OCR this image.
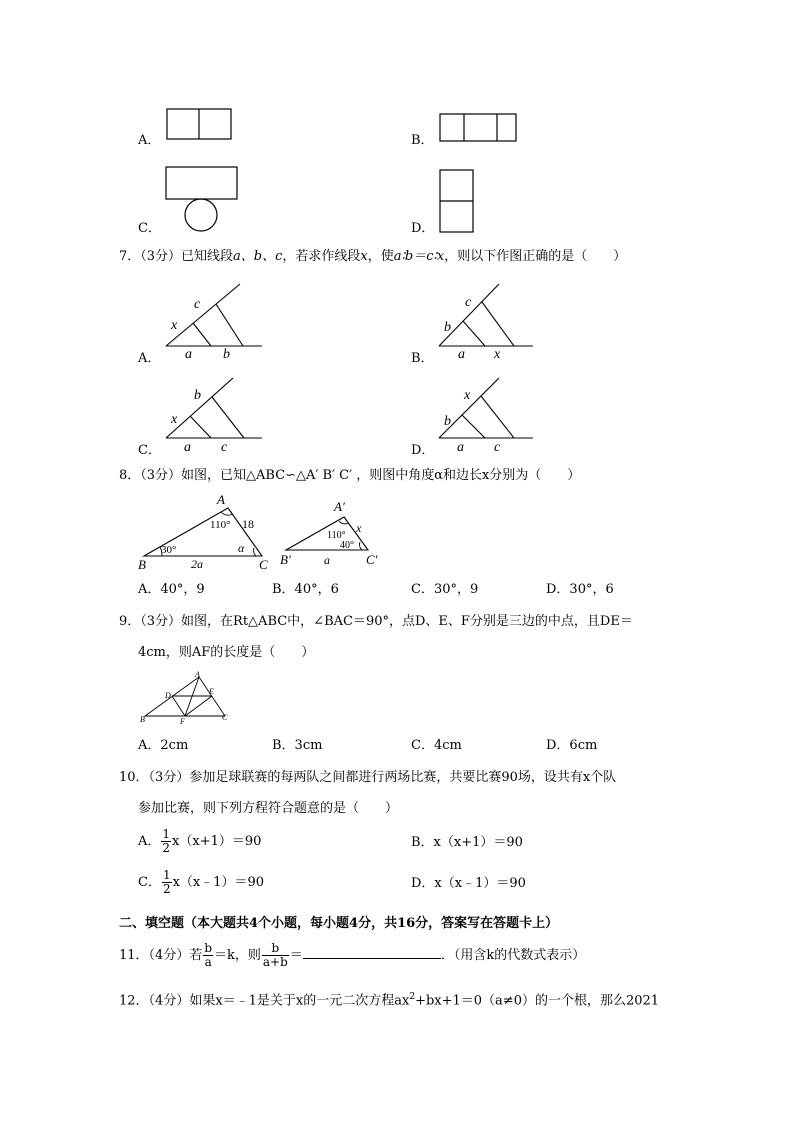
A．	B．
C．	D．
7．（3分）已知线段a、b、c，若求作线段x，使a∶b＝c∶x，则以下作图正确的是（　　）
A．
x
c
a b	B．
b
c
a x
C．
x
b
a c	D．
b
x
a c
8．（3分）如图，已知△ABC∽△A′ B′ C′ ，则图中角度α和边长x分别为（　　）
A
B	C
110°
30°	α
18
2a
A′
B′	C′
110°
40°
x
a
A．40°，9	B．40°，6	C．30°，9	D．30°，6
9．（3分）如图，在Rt△ABC中，∠BAC＝90°，点D、E、F分别是三边的中点，且DE＝
4cm，则AF的长度是（　　）
A
B	C
D	E
F
A．2cm	B．3cm	C．4cm	D．6cm
10．（3分）参加足球联赛的每两队之间都进行两场比赛，共要比赛90场，设共有x个队
参加比赛，则下列方程符合题意的是（　　）
A． $\frac{1}{2} x(x+1)=90$	B．x（x+1）＝90
C． $\frac{1}{2}$ x（x﹣1）＝90	D．x（x﹣1）＝90
二、填空题（本大题共4个小题，每小题4分，共16分，答案写在答题卡上）
11．（4分）若 $\frac{b}{a} =k$，则 $\frac{b}{a+b}$ ＝	．（用含k的代数式表示）
12．（4分）如果x＝﹣1是关于x的一元二次方程$ax^2+bx+1=0(a\ne 0)$的一个根，那么2021
